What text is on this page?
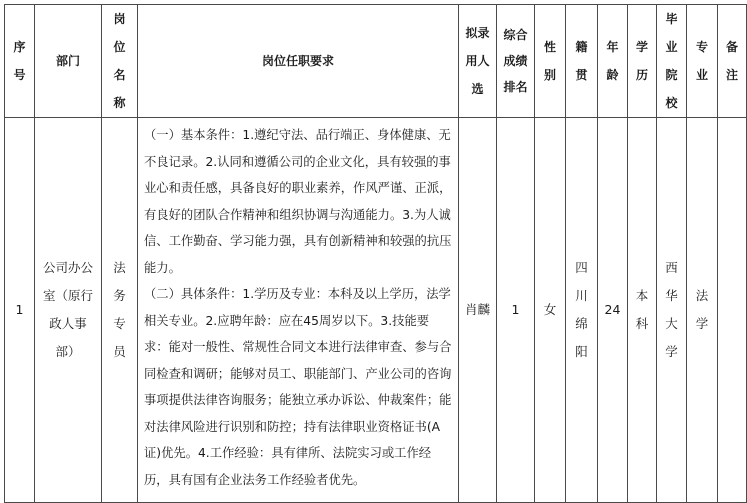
序号	部门	岗位名称	岗位任职要求	拟录用人选	综合成绩排名	性别	籍贯	年龄	学历	毕业院校	专业	备注
1	公司办公室（原行政人事部）	法务专员	（一）基本条件：1.遵纪守法、品行端正、身体健康、无不良记录。2.认同和遵循公司的企业文化，具有较强的事业心和责任感，具备良好的职业素养，作风严谨、正派，有良好的团队合作精神和组织协调与沟通能力。3.为人诚信、工作勤奋、学习能力强，具有创新精神和较强的抗压能力。

（二）具体条件：1.学历及专业：本科及以上学历，法学相关专业。2.应聘年龄：应在45周岁以下。3.技能要求：能对一般性、常规性合同文本进行法律审查、参与合同检查和调研；能够对员工、职能部门、产业公司的咨询事项提供法律咨询服务；能独立承办诉讼、仲裁案件；能对法律风险进行识别和防控；持有法律职业资格证书(A证)优先。4.工作经验：具有律所、法院实习或工作经历，具有国有企业法务工作经验者优先。	肖麟	1	女	四川绵阳	24	本科	西华大学	法学	
